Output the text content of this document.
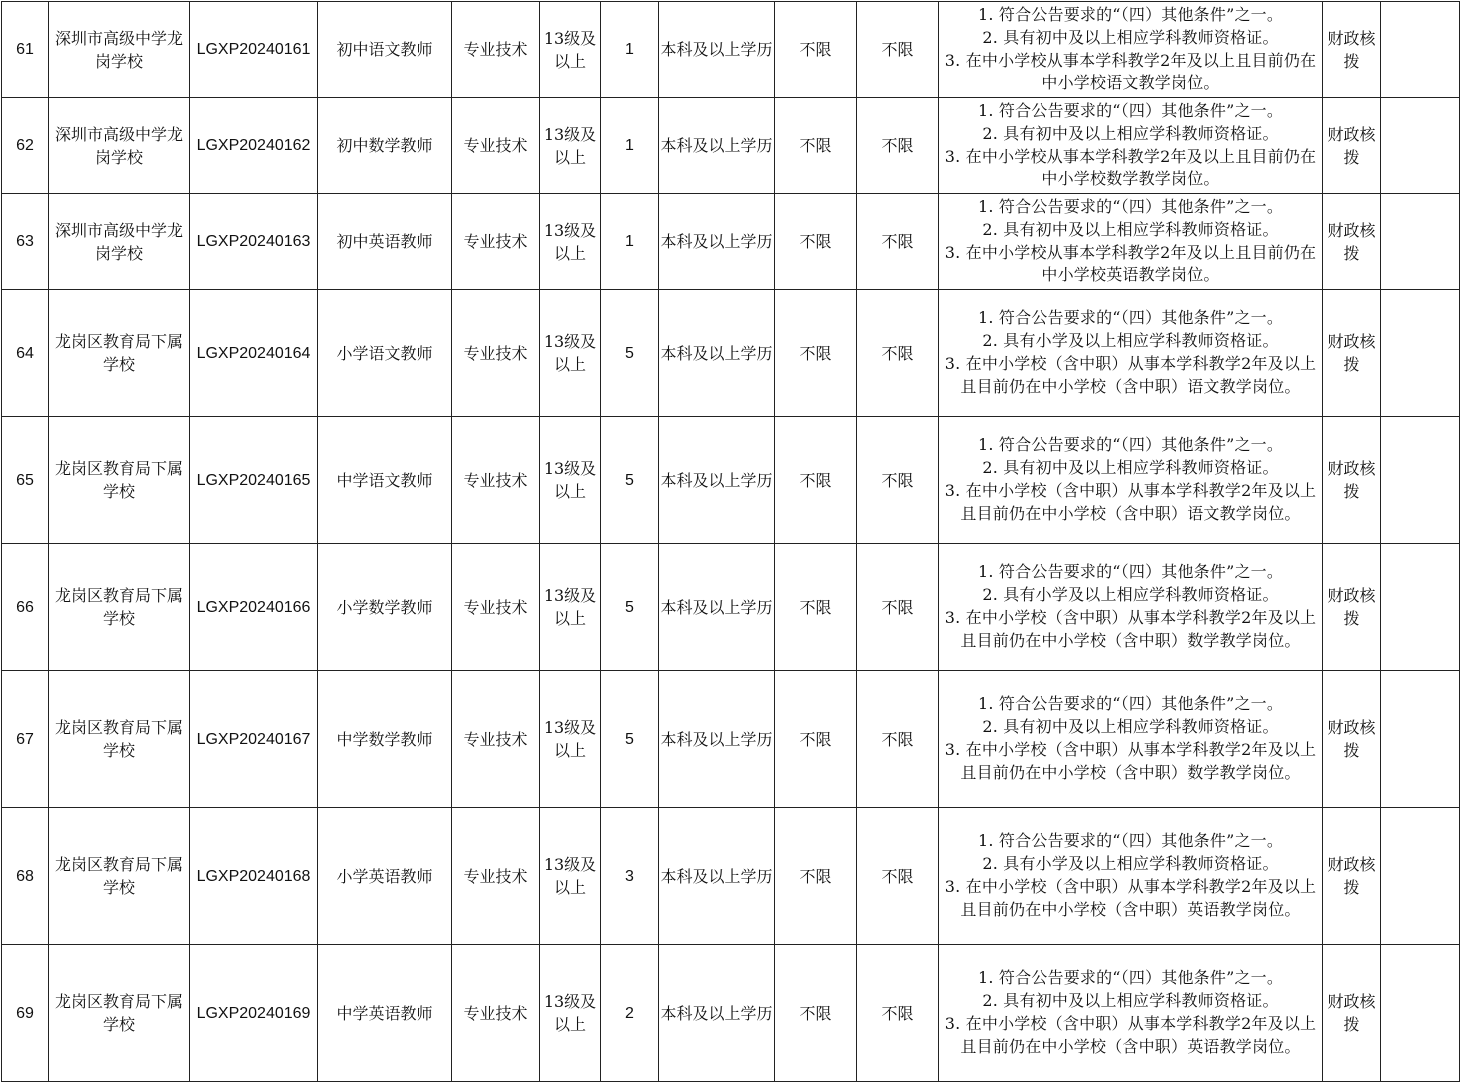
61	深圳市高级中学龙岗学校	LGXP20240161	初中语文教师	专业技术	13级及以上	1	本科及以上学历	不限	不限	1. 符合公告要求的“（四）其他条件”之一。
2. 具有初中及以上相应学科教师资格证。
3. 在中小学校从事本学科教学2年及以上且目前仍在中小学校语文教学岗位。	财政核拨	
62	深圳市高级中学龙岗学校	LGXP20240162	初中数学教师	专业技术	13级及以上	1	本科及以上学历	不限	不限	1. 符合公告要求的“（四）其他条件”之一。
2. 具有初中及以上相应学科教师资格证。
3. 在中小学校从事本学科教学2年及以上且目前仍在中小学校数学教学岗位。	财政核拨	
63	深圳市高级中学龙岗学校	LGXP20240163	初中英语教师	专业技术	13级及以上	1	本科及以上学历	不限	不限	1. 符合公告要求的“（四）其他条件”之一。
2. 具有初中及以上相应学科教师资格证。
3. 在中小学校从事本学科教学2年及以上且目前仍在中小学校英语教学岗位。	财政核拨	
64	龙岗区教育局下属学校	LGXP20240164	小学语文教师	专业技术	13级及以上	5	本科及以上学历	不限	不限	1. 符合公告要求的“（四）其他条件”之一。
2. 具有小学及以上相应学科教师资格证。
3. 在中小学校（含中职）从事本学科教学2年及以上且目前仍在中小学校（含中职）语文教学岗位。	财政核拨	
65	龙岗区教育局下属学校	LGXP20240165	中学语文教师	专业技术	13级及以上	5	本科及以上学历	不限	不限	1. 符合公告要求的“（四）其他条件”之一。
2. 具有初中及以上相应学科教师资格证。
3. 在中小学校（含中职）从事本学科教学2年及以上且目前仍在中小学校（含中职）语文教学岗位。	财政核拨	
66	龙岗区教育局下属学校	LGXP20240166	小学数学教师	专业技术	13级及以上	5	本科及以上学历	不限	不限	1. 符合公告要求的“（四）其他条件”之一。
2. 具有小学及以上相应学科教师资格证。
3. 在中小学校（含中职）从事本学科教学2年及以上且目前仍在中小学校（含中职）数学教学岗位。	财政核拨	
67	龙岗区教育局下属学校	LGXP20240167	中学数学教师	专业技术	13级及以上	5	本科及以上学历	不限	不限	1. 符合公告要求的“（四）其他条件”之一。
2. 具有初中及以上相应学科教师资格证。
3. 在中小学校（含中职）从事本学科教学2年及以上且目前仍在中小学校（含中职）数学教学岗位。	财政核拨	
68	龙岗区教育局下属学校	LGXP20240168	小学英语教师	专业技术	13级及以上	3	本科及以上学历	不限	不限	1. 符合公告要求的“（四）其他条件”之一。
2. 具有小学及以上相应学科教师资格证。
3. 在中小学校（含中职）从事本学科教学2年及以上且目前仍在中小学校（含中职）英语教学岗位。	财政核拨	
69	龙岗区教育局下属学校	LGXP20240169	中学英语教师	专业技术	13级及以上	2	本科及以上学历	不限	不限	1. 符合公告要求的“（四）其他条件”之一。
2. 具有初中及以上相应学科教师资格证。
3. 在中小学校（含中职）从事本学科教学2年及以上且目前仍在中小学校（含中职）英语教学岗位。	财政核拨	
